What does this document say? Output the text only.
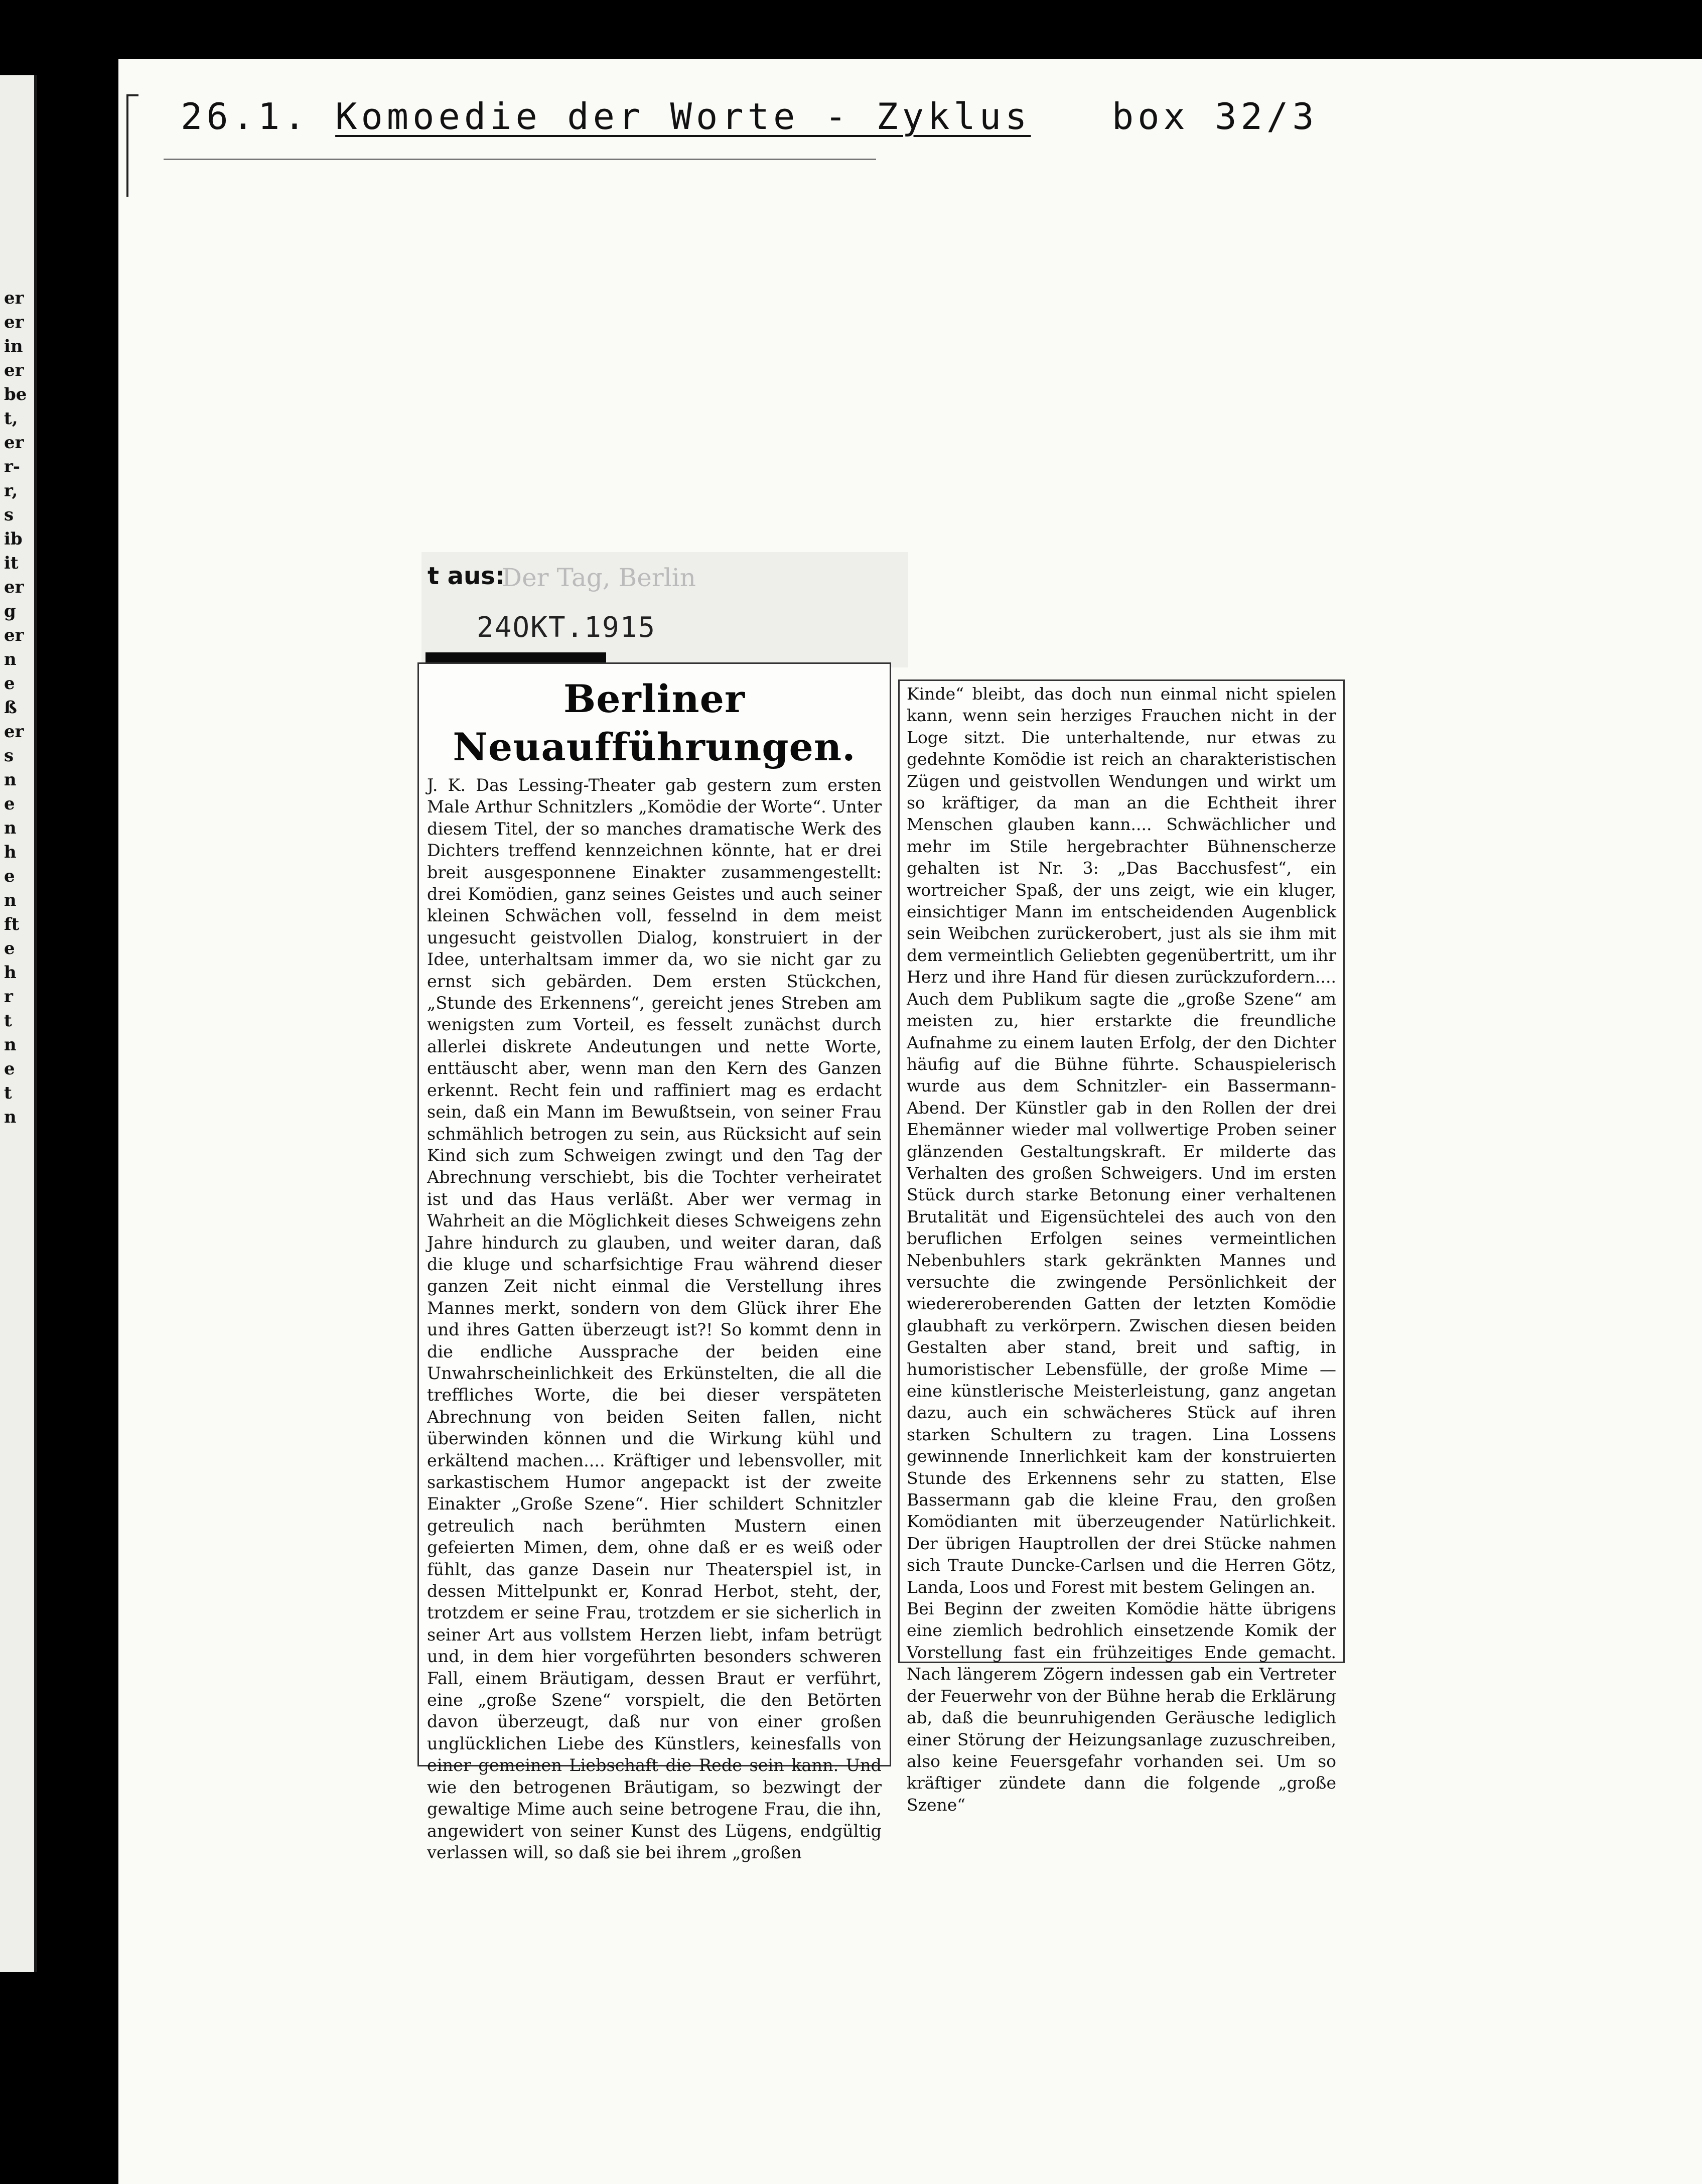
er
er
in
er
be
t,
er
r-
r,
s
ib
it
er
g
er
n
e
ß
er
s
n
e
n
h
e
n
ft
e
h
r
t
n
e
t
n
26.1. Komoedie der Worte - Zyklus box 32/3
t aus:
Der Tag, Berlin
24OKT.1915
Berliner Neuaufführungen.
J. K. Das Lessing-Theater gab gestern zum ersten Male Arthur Schnitzlers „Komödie der Worte“. Unter diesem Titel, der so manches dramatische Werk des Dichters treffend kennzeichnen könnte, hat er drei breit ausgesponnene Einakter zusammengestellt: drei Komödien, ganz seines Geistes und auch seiner kleinen Schwächen voll, fesselnd in dem meist ungesucht geistvollen Dialog, konstruiert in der Idee, unterhaltsam immer da, wo sie nicht gar zu ernst sich gebärden. Dem ersten Stückchen, „Stunde des Erkennens“, gereicht jenes Streben am wenigsten zum Vorteil, es fesselt zunächst durch allerlei diskrete Andeutungen und nette Worte, enttäuscht aber, wenn man den Kern des Ganzen erkennt. Recht fein und raffiniert mag es erdacht sein, daß ein Mann im Bewußtsein, von seiner Frau schmählich betrogen zu sein, aus Rücksicht auf sein Kind sich zum Schweigen zwingt und den Tag der Abrechnung verschiebt, bis die Tochter verheiratet ist und das Haus verläßt. Aber wer vermag in Wahrheit an die Möglichkeit dieses Schweigens zehn Jahre hindurch zu glauben, und weiter daran, daß die kluge und scharfsichtige Frau während dieser ganzen Zeit nicht einmal die Verstellung ihres Mannes merkt, sondern von dem Glück ihrer Ehe und ihres Gatten überzeugt ist?! So kommt denn in die endliche Aussprache der beiden eine Unwahrscheinlichkeit des Erkünstelten, die all die treffliches Worte, die bei dieser verspäteten Abrechnung von beiden Seiten fallen, nicht überwinden können und die Wirkung kühl und erkältend machen.... Kräftiger und lebensvoller, mit sarkastischem Humor angepackt ist der zweite Einakter „Große Szene“. Hier schildert Schnitzler getreulich nach berühmten Mustern einen gefeierten Mimen, dem, ohne daß er es weiß oder fühlt, das ganze Dasein nur Theaterspiel ist, in dessen Mittelpunkt er, Konrad Herbot, steht, der, trotzdem er seine Frau, trotzdem er sie sicherlich in seiner Art aus vollstem Herzen liebt, infam betrügt und, in dem hier vorgeführten besonders schweren Fall, einem Bräutigam, dessen Braut er verführt, eine „große Szene“ vorspielt, die den Betörten davon überzeugt, daß nur von einer großen unglücklichen Liebe des Künstlers, keinesfalls von einer gemeinen Liebschaft die Rede sein kann. Und wie den betrogenen Bräutigam, so bezwingt der gewaltige Mime auch seine betrogene Frau, die ihn, angewidert von seiner Kunst des Lügens, endgültig verlassen will, so daß sie bei ihrem „großen
Kinde“ bleibt, das doch nun einmal nicht spielen kann, wenn sein herziges Frauchen nicht in der Loge sitzt. Die unterhaltende, nur etwas zu gedehnte Komödie ist reich an charakteristischen Zügen und geistvollen Wendungen und wirkt um so kräftiger, da man an die Echtheit ihrer Menschen glauben kann.... Schwächlicher und mehr im Stile hergebrachter Bühnenscherze gehalten ist Nr. 3: „Das Bacchusfest“, ein wortreicher Spaß, der uns zeigt, wie ein kluger, einsichtiger Mann im entscheidenden Augenblick sein Weibchen zurückerobert, just als sie ihm mit dem vermeintlich Geliebten gegenübertritt, um ihr Herz und ihre Hand für diesen zurückzufordern.... Auch dem Publikum sagte die „große Szene“ am meisten zu, hier erstarkte die freundliche Aufnahme zu einem lauten Erfolg, der den Dichter häufig auf die Bühne führte. Schauspielerisch wurde aus dem Schnitzler- ein Bassermann-Abend. Der Künstler gab in den Rollen der drei Ehemänner wieder mal vollwertige Proben seiner glänzenden Gestaltungskraft. Er milderte das Verhalten des großen Schweigers. Und im ersten Stück durch starke Betonung einer verhaltenen Brutalität und Eigensüchtelei des auch von den beruflichen Erfolgen seines vermeintlichen Nebenbuhlers stark gekränkten Mannes und versuchte die zwingende Persönlichkeit der wiedereroberenden Gatten der letzten Komödie glaubhaft zu verkörpern. Zwischen diesen beiden Gestalten aber stand, breit und saftig, in humoristischer Lebensfülle, der große Mime — eine künstlerische Meisterleistung, ganz angetan dazu, auch ein schwächeres Stück auf ihren starken Schultern zu tragen. Lina Lossens gewinnende Innerlichkeit kam der konstruierten Stunde des Erkennens sehr zu statten, Else Bassermann gab die kleine Frau, den großen Komödianten mit überzeugender Natürlichkeit. Der übrigen Hauptrollen der drei Stücke nahmen sich Traute Duncke-Carlsen und die Herren Götz, Landa, Loos und Forest mit bestem Gelingen an.
Bei Beginn der zweiten Komödie hätte übrigens eine ziemlich bedrohlich einsetzende Komik der Vorstellung fast ein frühzeitiges Ende gemacht. Nach längerem Zögern indessen gab ein Vertreter der Feuerwehr von der Bühne herab die Erklärung ab, daß die beunruhigenden Geräusche lediglich einer Störung der Heizungsanlage zuzuschreiben, also keine Feuersgefahr vorhanden sei. Um so kräftiger zündete dann die folgende „große Szene“
